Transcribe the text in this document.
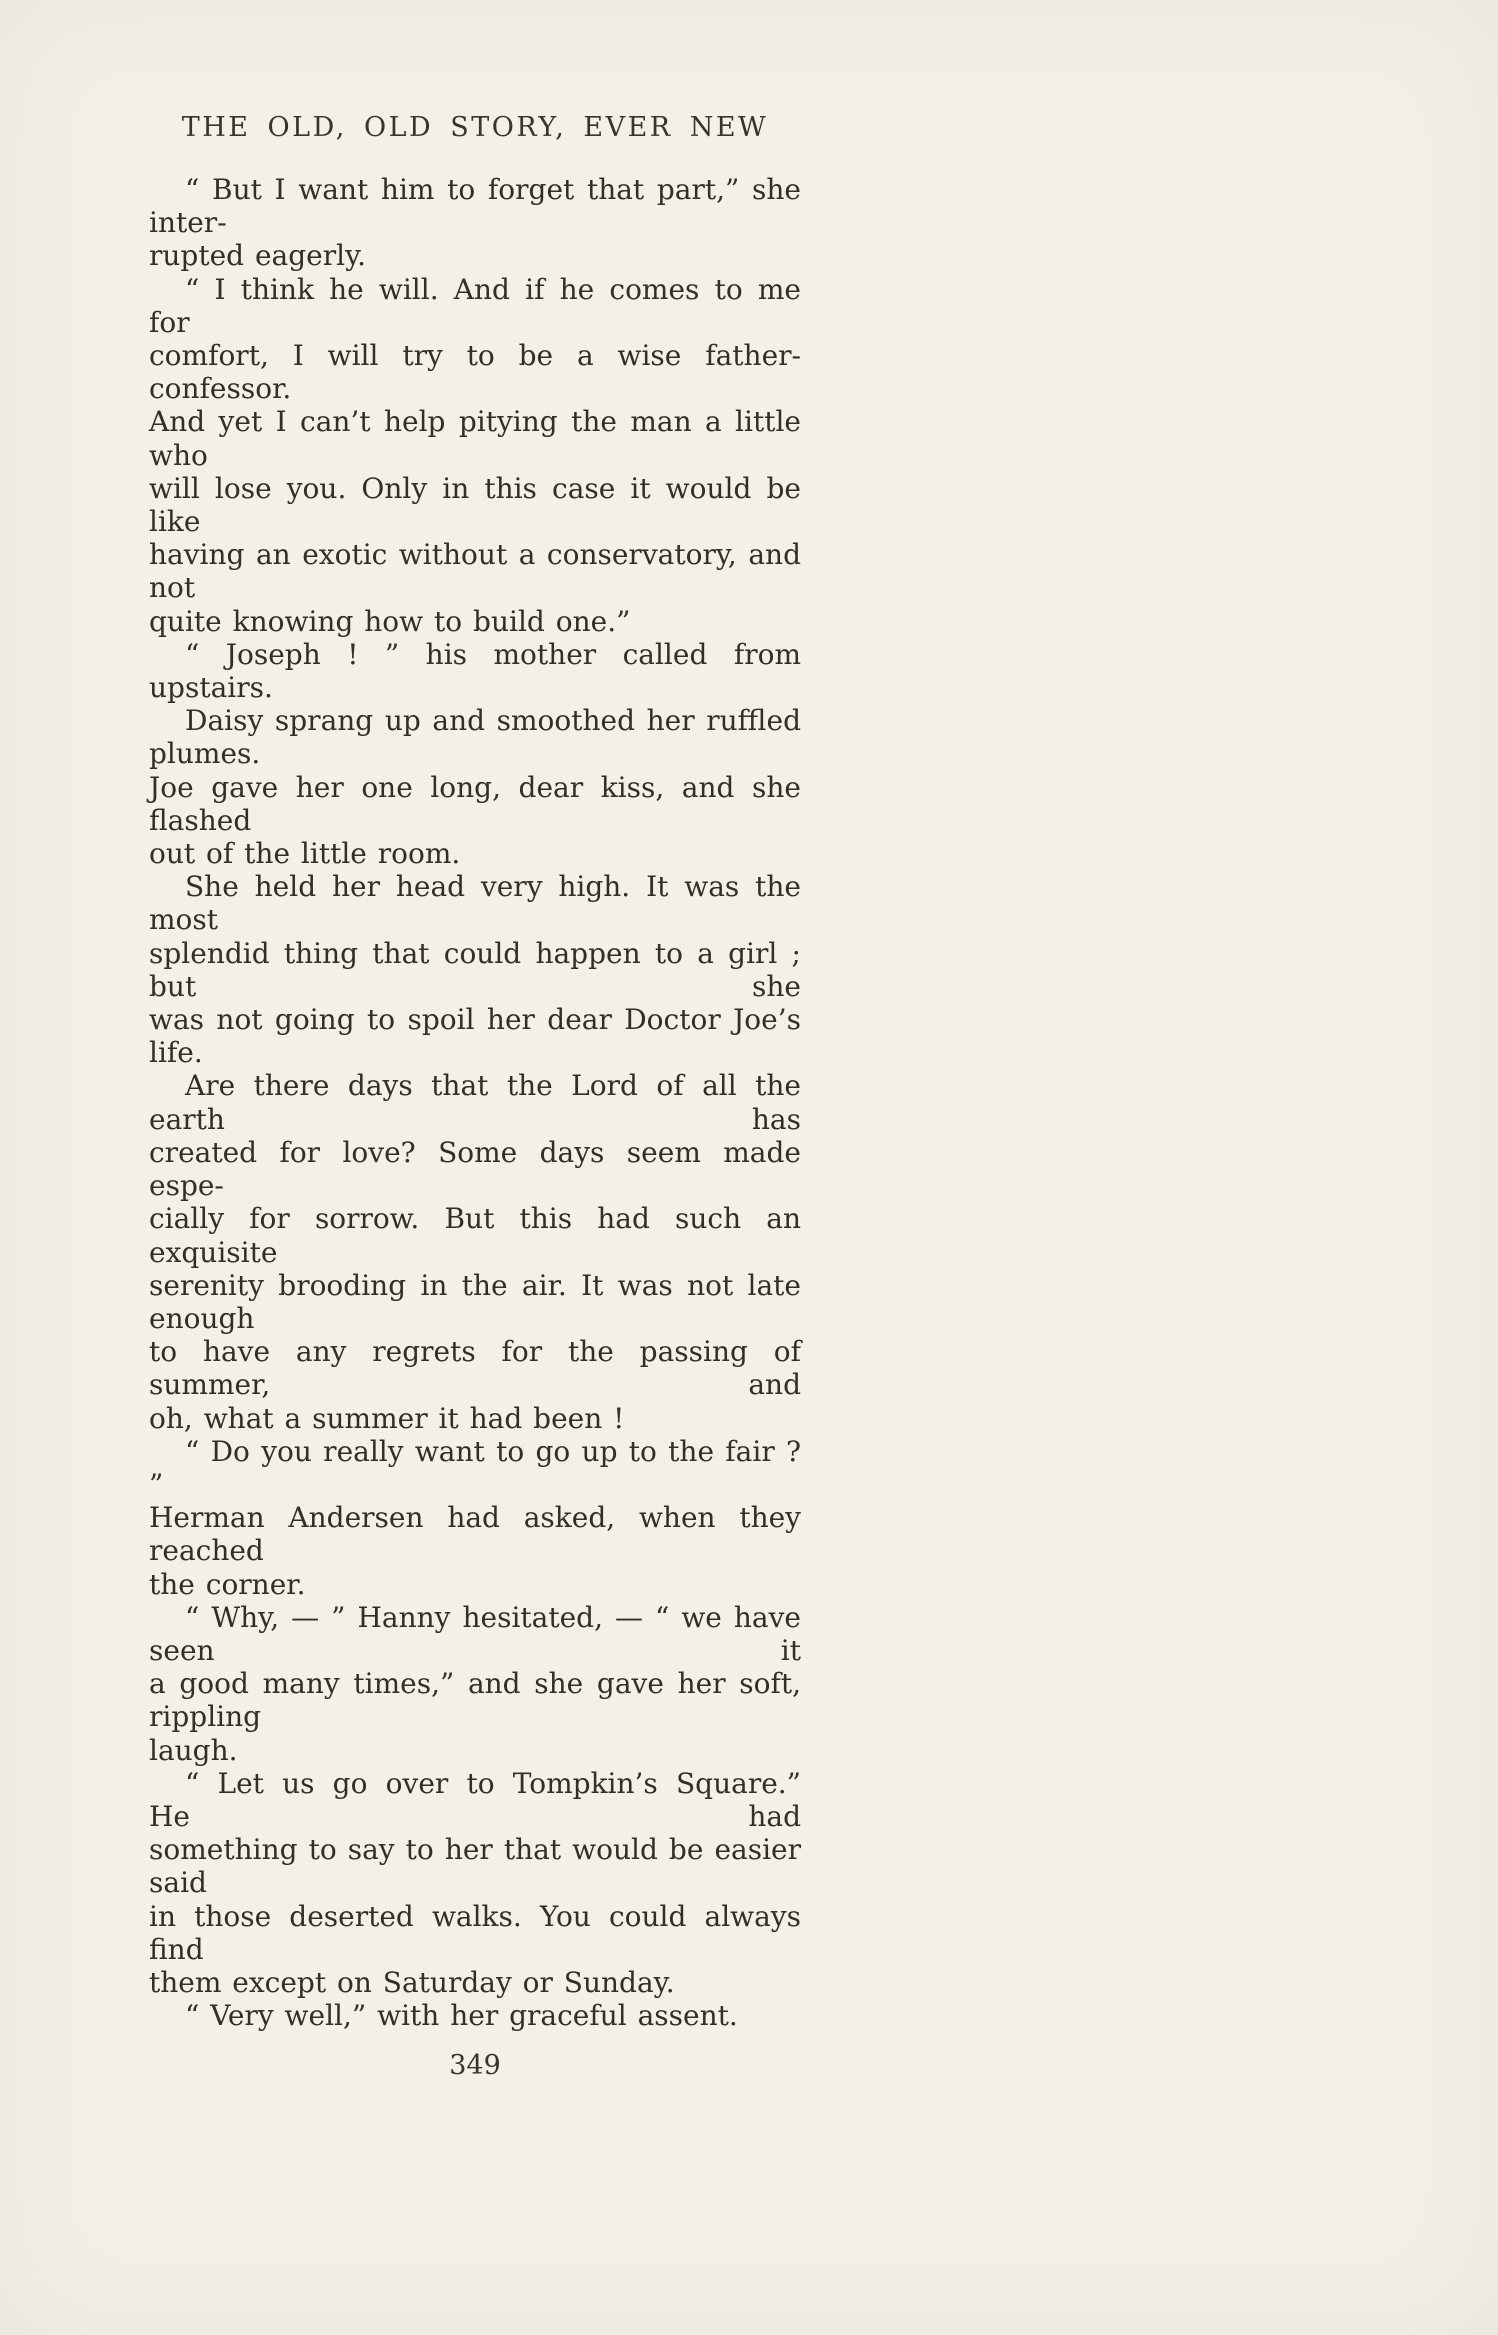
THE OLD, OLD STORY, EVER NEW

“ But I want him to forget that part,” she inter-
rupted eagerly.

“ I think he will. And if he comes to me for
comfort, I will try to be a wise father-confessor.
And yet I can’t help pitying the man a little who
will lose you. Only in this case it would be like
having an exotic without a conservatory, and not
quite knowing how to build one.”

“ Joseph ! ” his mother called from upstairs.

Daisy sprang up and smoothed her ruffled plumes.
Joe gave her one long, dear kiss, and she flashed
out of the little room.

She held her head very high. It was the most
splendid thing that could happen to a girl ; but she
was not going to spoil her dear Doctor Joe’s life.

Are there days that the Lord of all the earth has
created for love? Some days seem made espe-
cially for sorrow. But this had such an exquisite
serenity brooding in the air. It was not late enough
to have any regrets for the passing of summer, and
oh, what a summer it had been !

“ Do you really want to go up to the fair ? ”
Herman Andersen had asked, when they reached
the corner.

“ Why, — ” Hanny hesitated, — “ we have seen it
a good many times,” and she gave her soft, rippling
laugh.

“ Let us go over to Tompkin’s Square.” He had
something to say to her that would be easier said
in those deserted walks. You could always find
them except on Saturday or Sunday.

“ Very well,” with her graceful assent.

349
